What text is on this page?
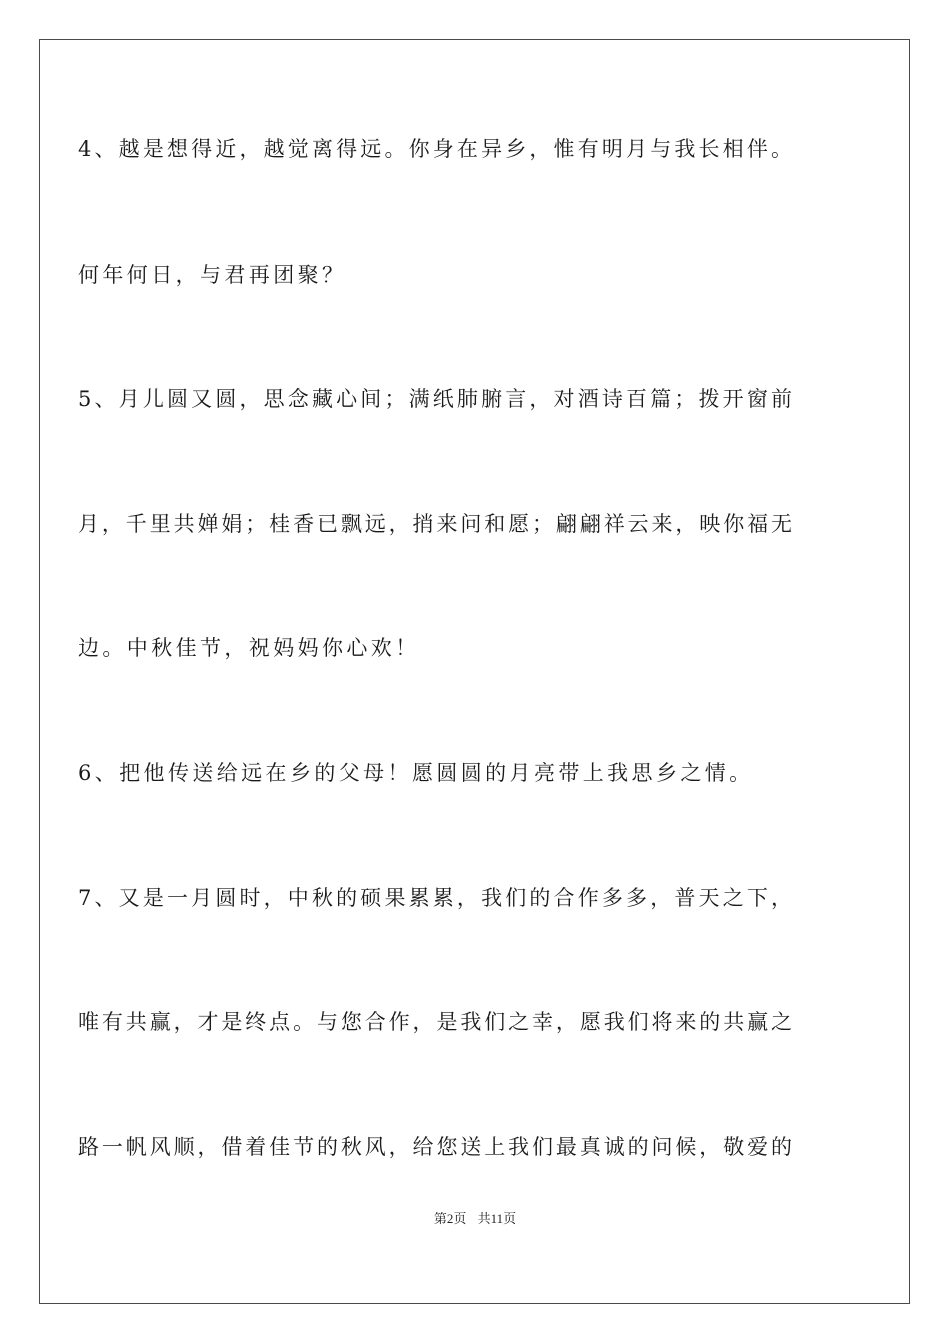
4、越是想得近，越觉离得远。你身在异乡，惟有明月与我长相伴。
何年何日，与君再团聚？
5、月儿圆又圆，思念藏心间；满纸肺腑言，对酒诗百篇；拨开窗前
月，千里共婵娟；桂香已飘远，捎来问和愿；翩翩祥云来，映你福无
边。中秋佳节，祝妈妈你心欢！
6、把他传送给远在乡的父母！愿圆圆的月亮带上我思乡之情。
7、又是一月圆时，中秋的硕果累累，我们的合作多多，普天之下，
唯有共赢，才是终点。与您合作，是我们之幸，愿我们将来的共赢之
路一帆风顺，借着佳节的秋风，给您送上我们最真诚的问候，敬爱的
第2页 共11页
